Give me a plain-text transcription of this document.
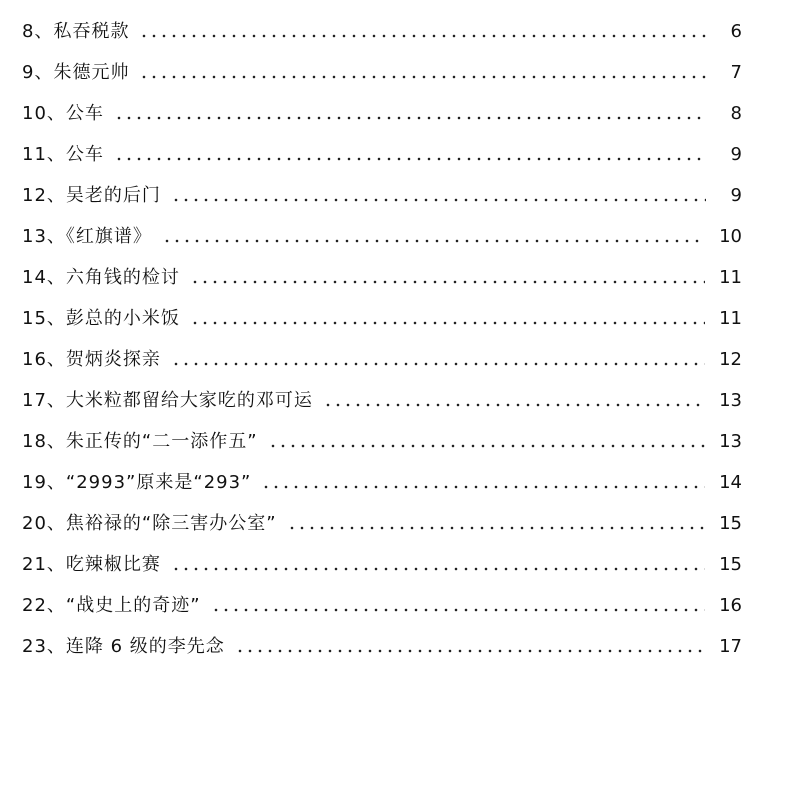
8、私吞税款	6
9、朱德元帅	7
10、公车	8
11、公车	9
12、吴老的后门	9
13、《红旗谱》	10
14、六角钱的检讨	11
15、彭总的小米饭	11
16、贺炳炎探亲	12
17、大米粒都留给大家吃的邓可运	13
18、朱正传的“二一添作五”	13
19、“2993”原来是“293”	14
20、焦裕禄的“除三害办公室”	15
21、吃辣椒比赛	15
22、“战史上的奇迹”	16
23、连降 6 级的李先念	17
